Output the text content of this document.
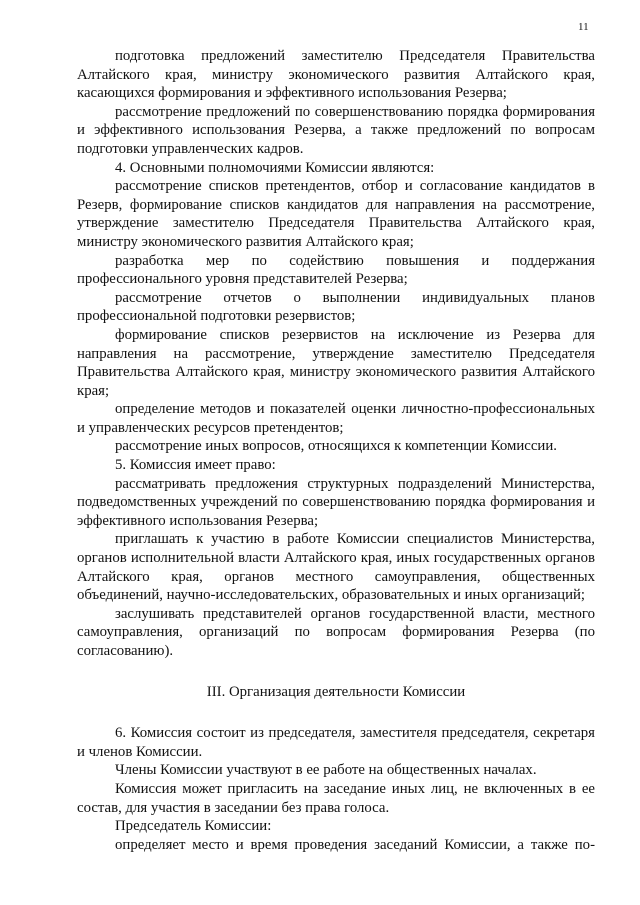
11

подготовка предложений заместителю Председателя Правительства Алтайского края, министру экономического развития Алтайского края, касающихся формирования и эффективного использования Резерва;

рассмотрение предложений по совершенствованию порядка формирования и эффективного использования Резерва, а также предложений по вопросам подготовки управленческих кадров.

4. Основными полномочиями Комиссии являются:

рассмотрение списков претендентов, отбор и согласование кандидатов в Резерв, формирование списков кандидатов для направления на рассмотрение, утверждение заместителю Председателя Правительства Алтайского края, министру экономического развития Алтайского края;

разработка мер по содействию повышения и поддержания профессионального уровня представителей Резерва;

рассмотрение отчетов о выполнении индивидуальных планов профессиональной подготовки резервистов;

формирование списков резервистов на исключение из Резерва для направления на рассмотрение, утверждение заместителю Председателя Правительства Алтайского края, министру экономического развития Алтайского края;

определение методов и показателей оценки личностно-профессиональных и управленческих ресурсов претендентов;

рассмотрение иных вопросов, относящихся к компетенции Комиссии.

5. Комиссия имеет право:

рассматривать предложения структурных подразделений Министерства, подведомственных учреждений по совершенствованию порядка формирования и эффективного использования Резерва;

приглашать к участию в работе Комиссии специалистов Министерства, органов исполнительной власти Алтайского края, иных государственных органов Алтайского края, органов местного самоуправления, общественных объединений, научно-исследовательских, образовательных и иных организаций;

заслушивать представителей органов государственной власти, местного самоуправления, организаций по вопросам формирования Резерва (по согласованию).

III. Организация деятельности Комиссии

6. Комиссия состоит из председателя, заместителя председателя, секретаря и членов Комиссии.

Члены Комиссии участвуют в ее работе на общественных началах.

Комиссия может пригласить на заседание иных лиц, не включенных в ее состав, для участия в заседании без права голоса.

Председатель Комиссии:

определяет место и время проведения заседаний Комиссии, а также по-
